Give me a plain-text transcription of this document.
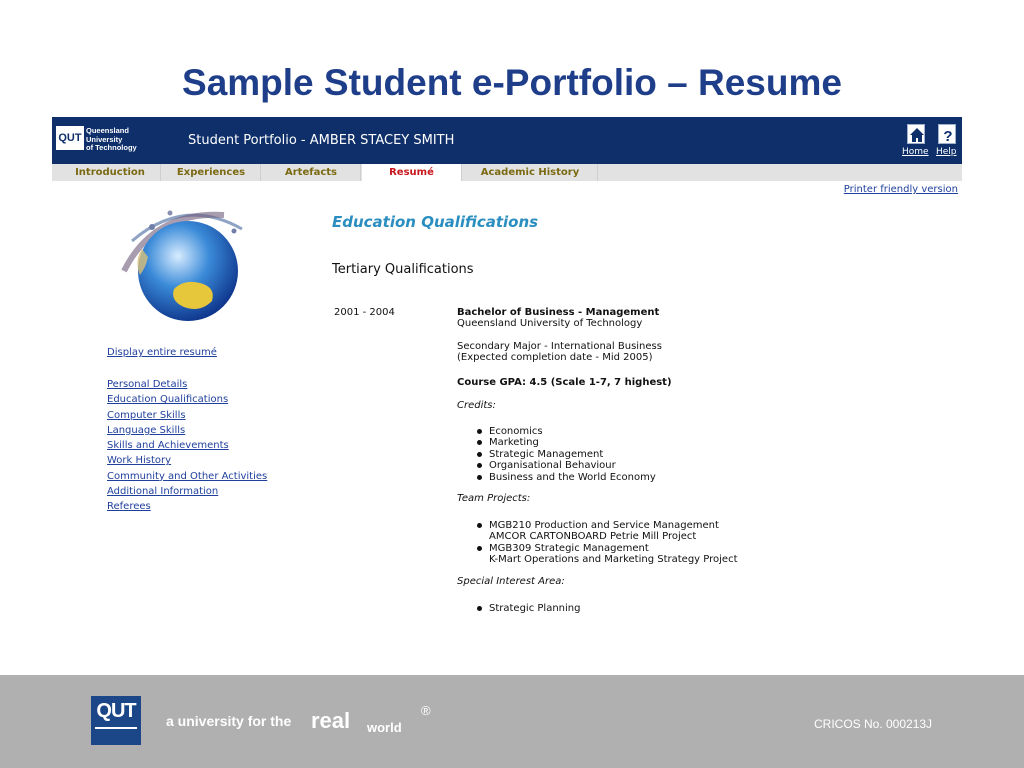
Sample Student e-Portfolio – Resume
QUT
Queensland
University
of Technology	Student Portfolio - AMBER STACEY SMITH
Home
?
Help
Introduction	Experiences	Artefacts	Resumé	Academic History
Printer friendly version
Display entire resumé
Personal Details
Education Qualifications
Computer Skills
Language Skills
Skills and Achievements
Work History
Community and Other Activities
Additional Information
Referees
Education Qualifications
Tertiary Qualifications
2001 - 2004	Bachelor of Business - Management
Queensland University of Technology
Secondary Major - International Business
(Expected completion date - Mid 2005)
Course GPA: 4.5 (Scale 1-7, 7 highest)
Credits:
Economics
Marketing
Strategic Management
Organisational Behaviour
Business and the World Economy
Team Projects:
MGB210 Production and Service Management
AMCOR CARTONBOARD Petrie Mill Project
MGB309 Strategic Management
K-Mart Operations and Marketing Strategy Project
Special Interest Area:
Strategic Planning
QUT	a university for the real world
®
CRICOS No. 000213J
